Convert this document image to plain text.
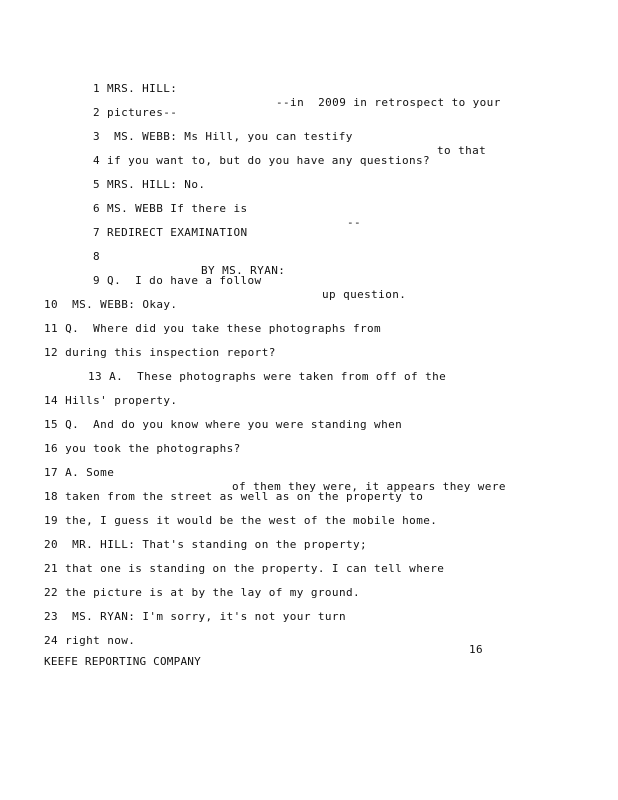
1 MRS. HILL:

--in  2009 in retrospect to your

2 pictures--

3  MS. WEBB: Ms Hill, you can testify

to that

4 if you want to, but do you have any questions?

5 MRS. HILL: No.

6 MS. WEBB If there is

--

7 REDIRECT EXAMINATION

8

BY MS. RYAN:

9 Q.  I do have a follow

up question.

10  MS. WEBB: Okay.

11 Q.  Where did you take these photographs from

12 during this inspection report?

13 A.  These photographs were taken from off of the

14 Hills' property.

15 Q.  And do you know where you were standing when

16 you took the photographs?

17 A. Some

of them they were, it appears they were

18 taken from the street as well as on the property to

19 the, I guess it would be the west of the mobile home.

20  MR. HILL: That's standing on the property;

21 that one is standing on the property. I can tell where

22 the picture is at by the lay of my ground.

23  MS. RYAN: I'm sorry, it's not your turn

24 right now.

16
KEEFE REPORTING COMPANY
